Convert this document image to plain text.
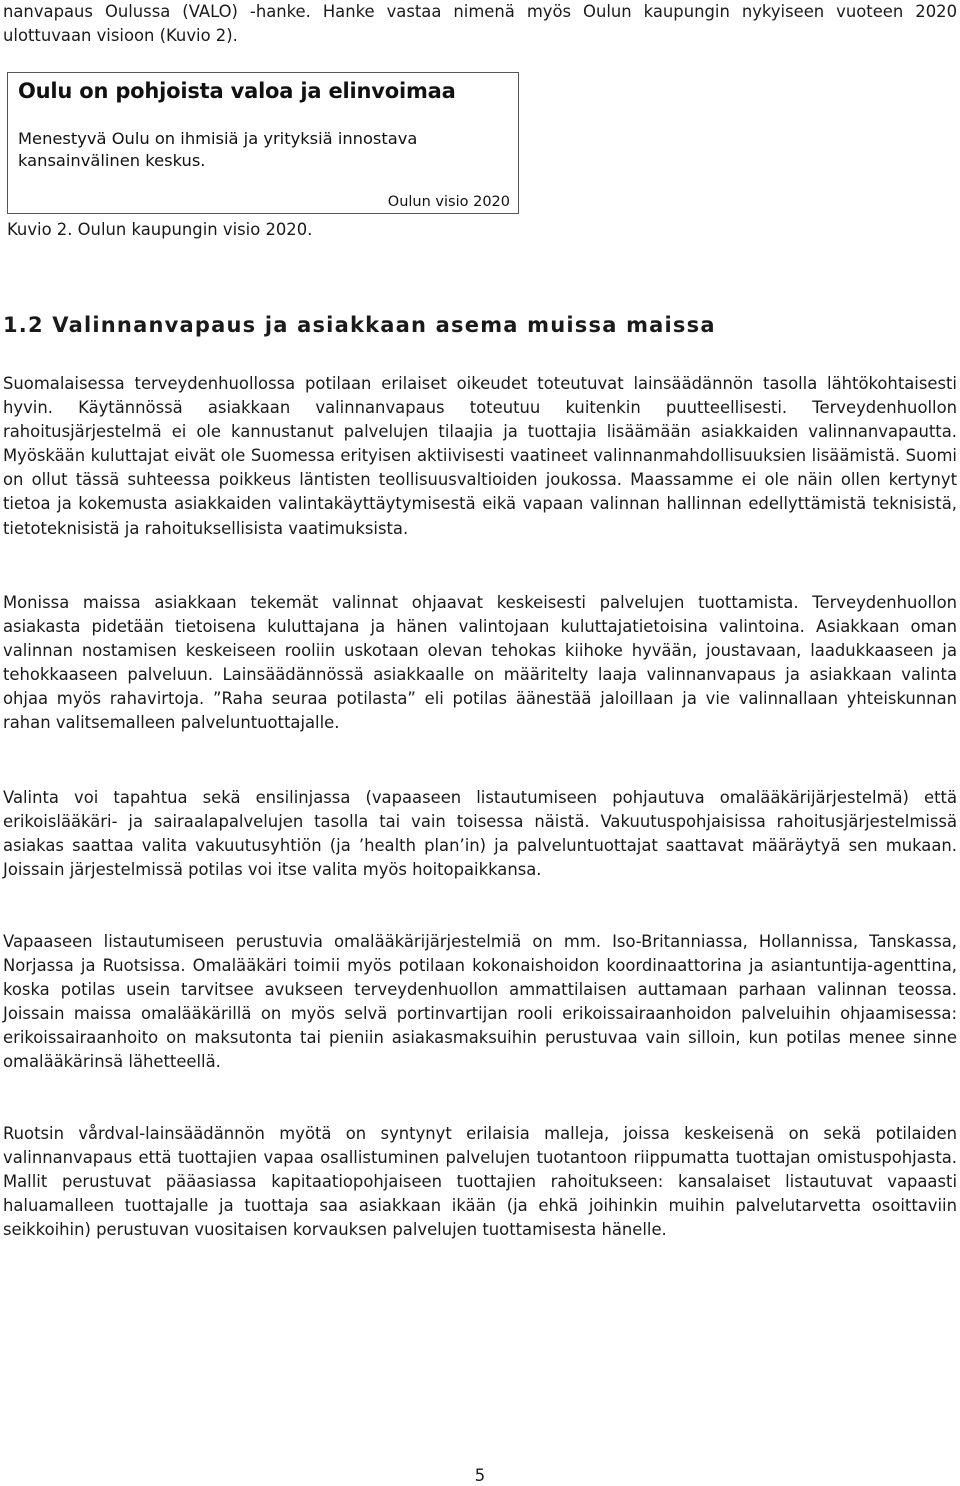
nanvapaus Oulussa (VALO) -hanke. Hanke vastaa nimenä myös Oulun kaupungin nykyiseen vuoteen 2020 ulottuvaan visioon (Kuvio 2).

Oulu on pohjoista valoa ja elinvoimaa
Menestyvä Oulu on ihmisiä ja yrityksiä innostava kansainvälinen keskus.
Oulun visio 2020
Kuvio 2. Oulun kaupungin visio 2020.
1.2 Valinnanvapaus ja asiakkaan asema muissa maissa

Suomalaisessa terveydenhuollossa potilaan erilaiset oikeudet toteutuvat lainsäädännön tasolla lähtökohtaisesti hyvin. Käytännössä asiakkaan valinnanvapaus toteutuu kuitenkin puutteellisesti. Terveydenhuollon rahoitusjärjestelmä ei ole kannustanut palvelujen tilaajia ja tuottajia lisäämään asiakkaiden valinnanvapautta. Myöskään kuluttajat eivät ole Suomessa erityisen aktiivisesti vaatineet valinnanmahdollisuuksien lisäämistä. Suomi on ollut tässä suhteessa poikkeus läntisten teollisuusvaltioiden joukossa. Maassamme ei ole näin ollen kertynyt tietoa ja kokemusta asiakkaiden valintakäyttäytymisestä eikä vapaan valinnan hallinnan edellyttämistä teknisistä, tietoteknisistä ja rahoituksellisista vaatimuksista.

Monissa maissa asiakkaan tekemät valinnat ohjaavat keskeisesti palvelujen tuottamista. Terveydenhuollon asiakasta pidetään tietoisena kuluttajana ja hänen valintojaan kuluttajatietoisina valintoina. Asiakkaan oman valinnan nostamisen keskeiseen rooliin uskotaan olevan tehokas kiihoke hyvään, joustavaan, laadukkaaseen ja tehokkaaseen palveluun. Lainsäädännössä asiakkaalle on määritelty laaja valinnanvapaus ja asiakkaan valinta ohjaa myös rahavirtoja. ”Raha seuraa potilasta” eli potilas äänestää jaloillaan ja vie valinnallaan yhteiskunnan rahan valitsemalleen palveluntuottajalle.

Valinta voi tapahtua sekä ensilinjassa (vapaaseen listautumiseen pohjautuva omalääkärijärjestelmä) että erikoislääkäri- ja sairaalapalvelujen tasolla tai vain toisessa näistä. Vakuutuspohjaisissa rahoitusjärjestelmissä asiakas saattaa valita vakuutusyhtiön (ja ’health plan’in) ja palveluntuottajat saattavat määräytyä sen mukaan. Joissain järjestelmissä potilas voi itse valita myös hoitopaikkansa.

Vapaaseen listautumiseen perustuvia omalääkärijärjestelmiä on mm. Iso-Britanniassa, Hollannissa, Tanskassa, Norjassa ja Ruotsissa. Omalääkäri toimii myös potilaan kokonaishoidon koordinaattorina ja asiantuntija-agenttina, koska potilas usein tarvitsee avukseen terveydenhuollon ammattilaisen auttamaan parhaan valinnan teossa. Joissain maissa omalääkärillä on myös selvä portinvartijan rooli erikoissairaanhoidon palveluihin ohjaamisessa: erikoissairaanhoito on maksutonta tai pieniin asiakasmaksuihin perustuvaa vain silloin, kun potilas menee sinne omalääkärinsä lähetteellä.

Ruotsin vårdval-lainsäädännön myötä on syntynyt erilaisia malleja, joissa keskeisenä on sekä potilaiden valinnanvapaus että tuottajien vapaa osallistuminen palvelujen tuotantoon riippumatta tuottajan omistuspohjasta. Mallit perustuvat pääasiassa kapitaatiopohjaiseen tuottajien rahoitukseen: kansalaiset listautuvat vapaasti haluamalleen tuottajalle ja tuottaja saa asiakkaan ikään (ja ehkä joihinkin muihin palvelutarvetta osoittaviin seikkoihin) perustuvan vuositaisen korvauksen palvelujen tuottamisesta hänelle.

5
